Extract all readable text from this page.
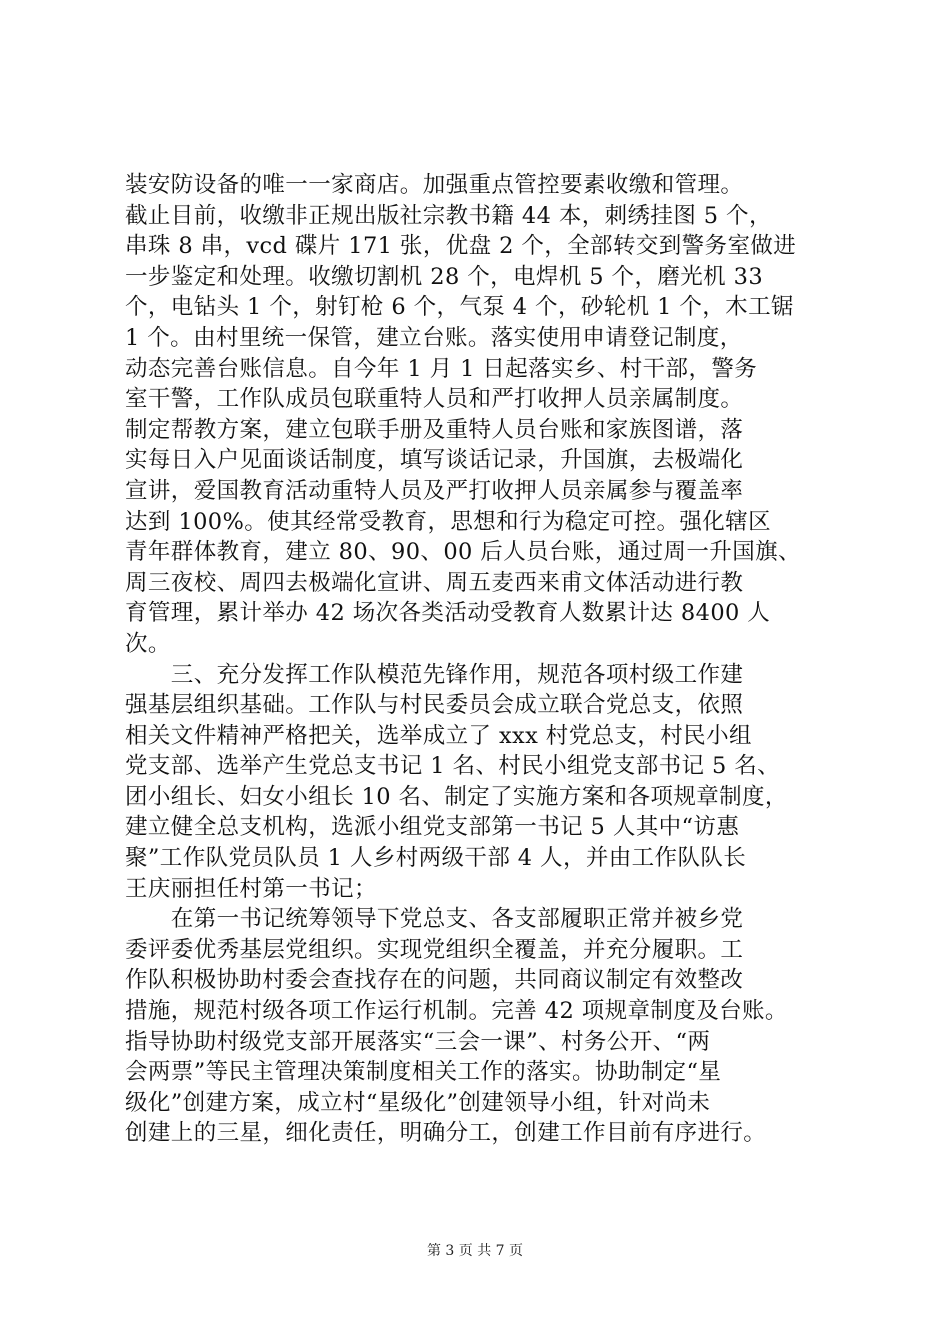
装安防设备的唯一一家商店。加强重点管控要素收缴和管理。
截止目前，收缴非正规出版社宗教书籍 44 本，刺绣挂图 5 个，
串珠 8 串，vcd 碟片 171 张，优盘 2 个，全部转交到警务室做进
一步鉴定和处理。收缴切割机 28 个，电焊机 5 个，磨光机 33
个，电钻头 1 个，射钉枪 6 个，气泵 4 个，砂轮机 1 个，木工锯
1 个。由村里统一保管，建立台账。落实使用申请登记制度，
动态完善台账信息。自今年 1 月 1 日起落实乡、村干部，警务
室干警，工作队成员包联重特人员和严打收押人员亲属制度。
制定帮教方案，建立包联手册及重特人员台账和家族图谱，落
实每日入户见面谈话制度，填写谈话记录，升国旗，去极端化
宣讲，爱国教育活动重特人员及严打收押人员亲属参与覆盖率
达到 100%。使其经常受教育，思想和行为稳定可控。强化辖区
青年群体教育，建立 80、90、00 后人员台账，通过周一升国旗、
周三夜校、周四去极端化宣讲、周五麦西来甫文体活动进行教
育管理，累计举办 42 场次各类活动受教育人数累计达 8400 人
次。
　　三、充分发挥工作队模范先锋作用，规范各项村级工作建
强基层组织基础。工作队与村民委员会成立联合党总支，依照
相关文件精神严格把关，选举成立了 xxx 村党总支，村民小组
党支部、选举产生党总支书记 1 名、村民小组党支部书记 5 名、
团小组长、妇女小组长 10 名、制定了实施方案和各项规章制度，
建立健全总支机构，选派小组党支部第一书记 5 人其中“访惠
聚”工作队党员队员 1 人乡村两级干部 4 人，并由工作队队长
王庆丽担任村第一书记；
　　在第一书记统筹领导下党总支、各支部履职正常并被乡党
委评委优秀基层党组织。实现党组织全覆盖，并充分履职。工
作队积极协助村委会查找存在的问题，共同商议制定有效整改
措施，规范村级各项工作运行机制。完善 42 项规章制度及台账。
指导协助村级党支部开展落实“三会一课”、村务公开、“两
会两票”等民主管理决策制度相关工作的落实。协助制定“星
级化”创建方案，成立村“星级化”创建领导小组，针对尚未
创建上的三星，细化责任，明确分工，创建工作目前有序进行。
第 3 页 共 7 页
